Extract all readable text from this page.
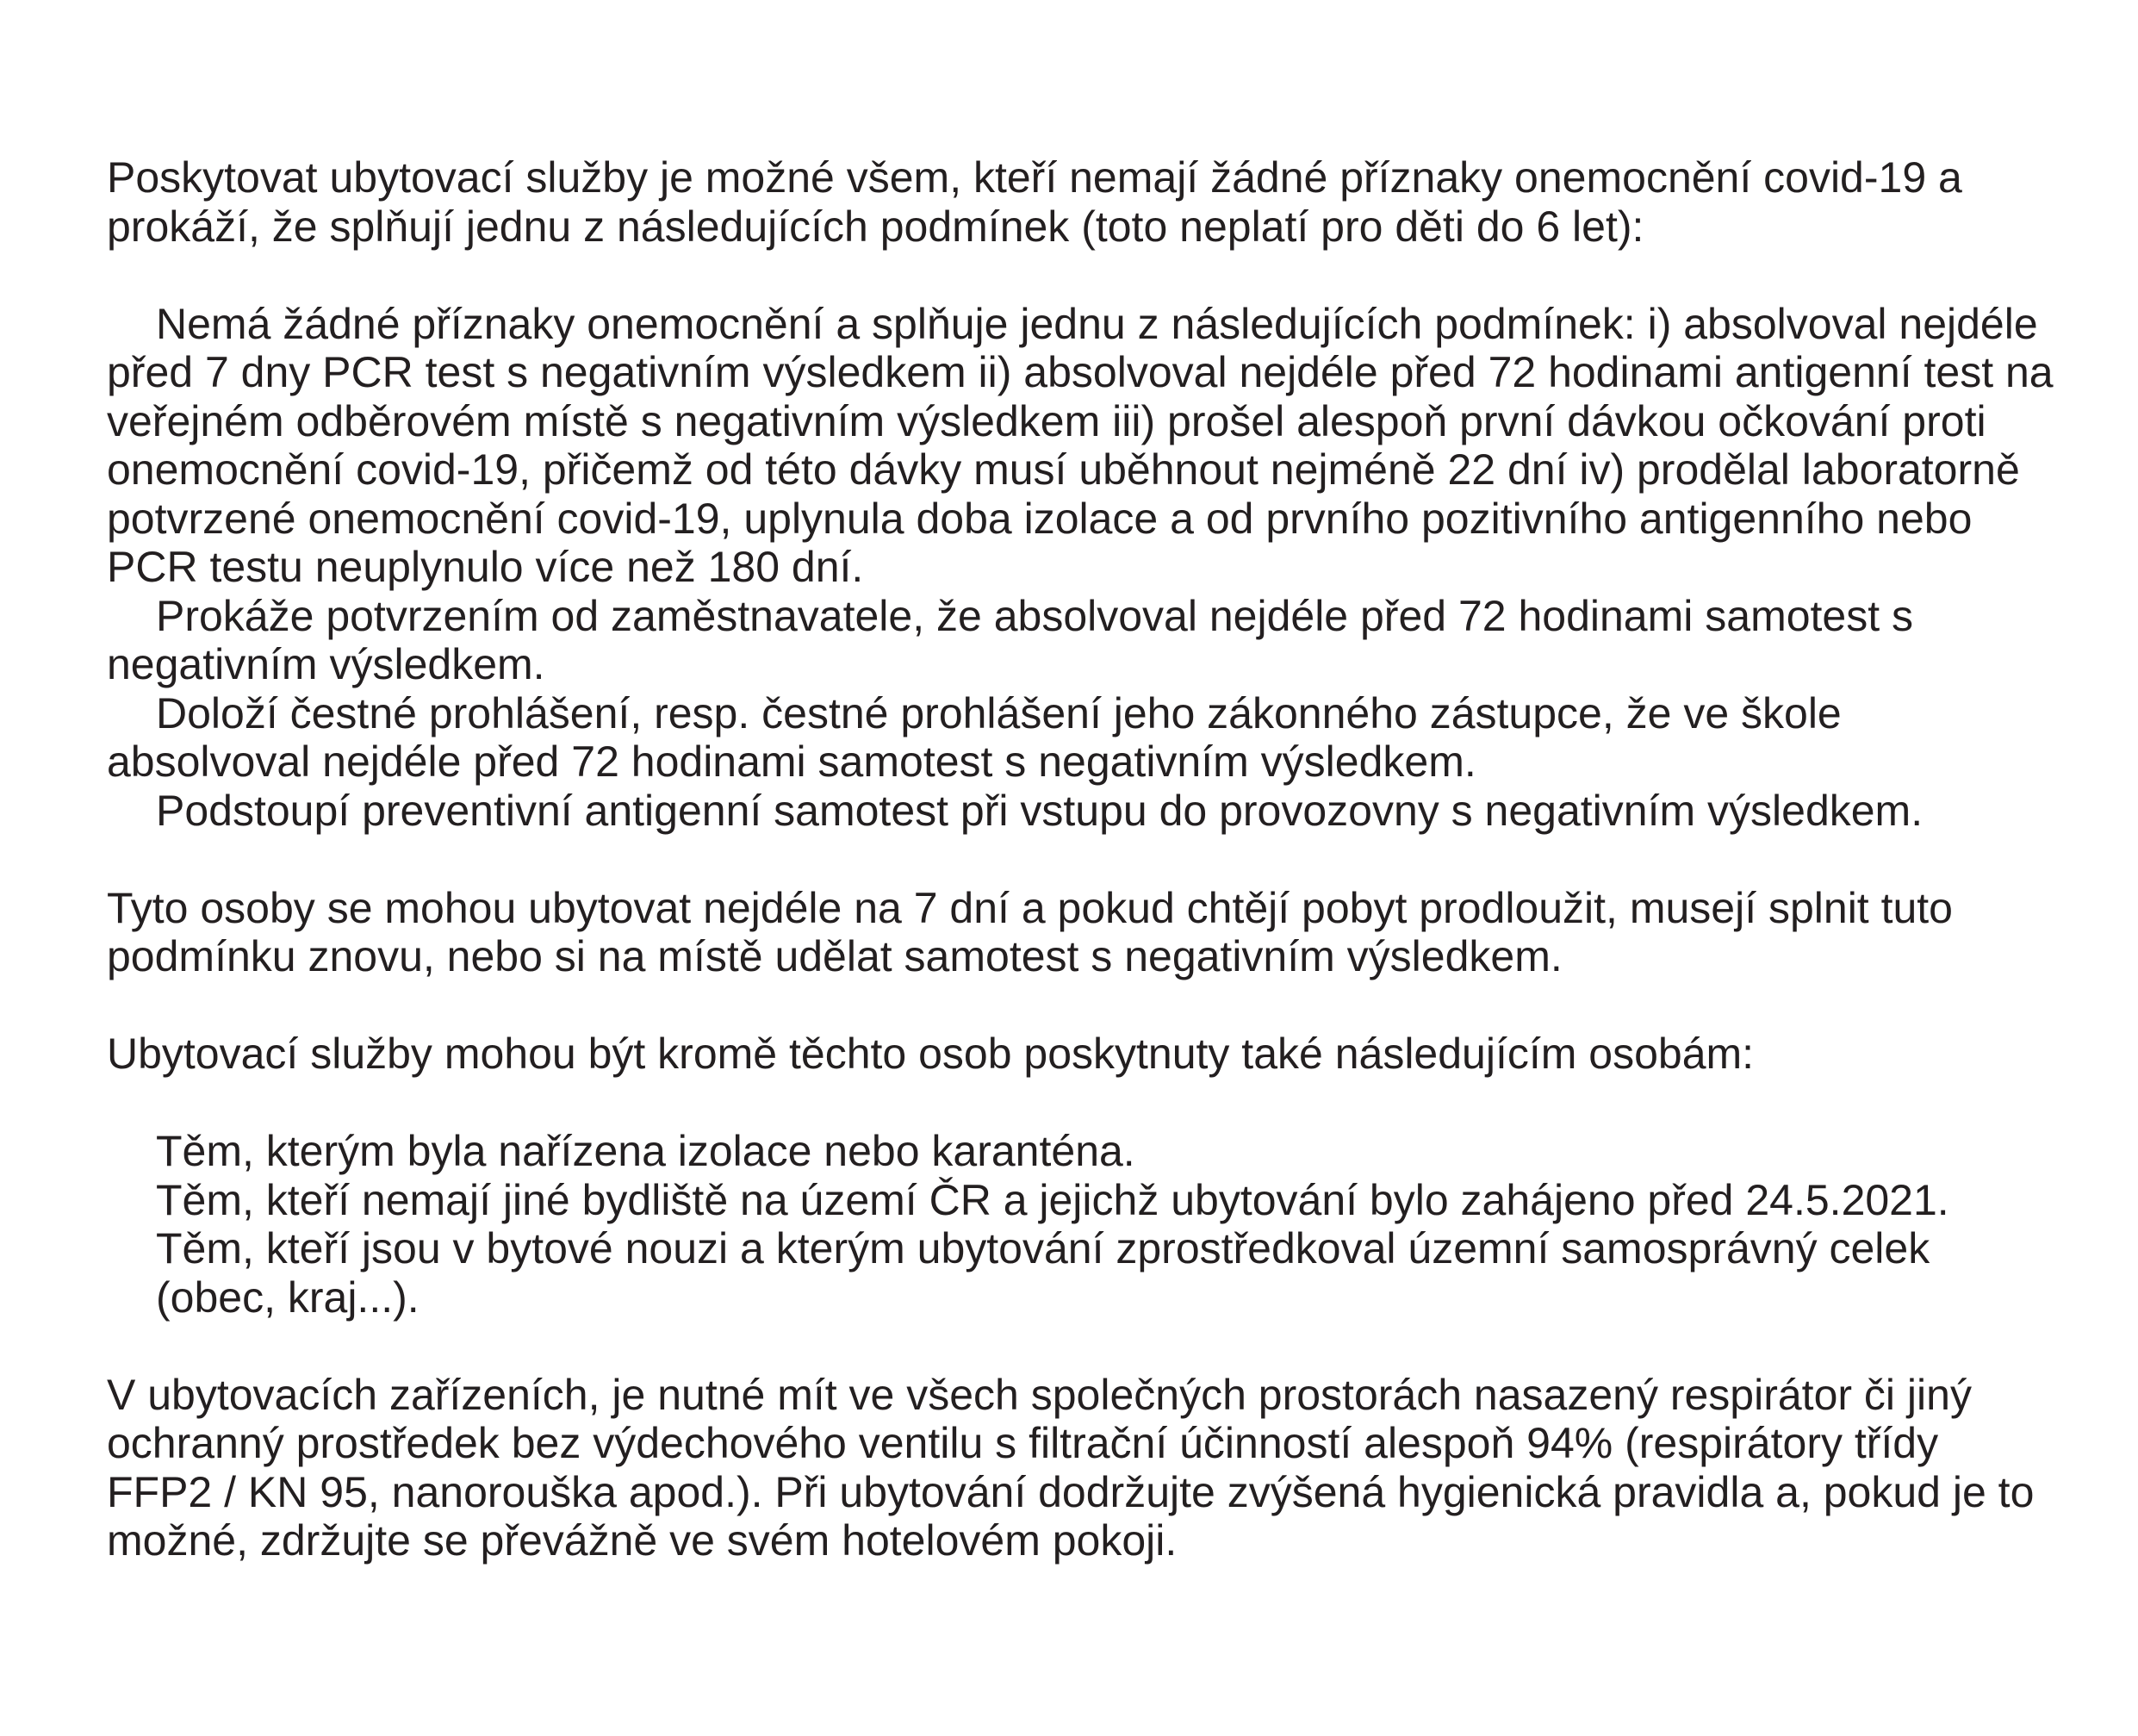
Poskytovat ubytovací služby je možné všem, kteří nemají žádné příznaky onemocnění covid-19 a prokáží, že splňují jednu z následujících podmínek (toto neplatí pro děti do 6 let):

Nemá žádné příznaky onemocnění a splňuje jednu z následujících podmínek: i) absolvoval nejdéle před 7 dny PCR test s negativním výsledkem ii) absolvoval nejdéle před 72 hodinami antigenní test na veřejném odběrovém místě s negativním výsledkem iii) prošel alespoň první dávkou očkování proti onemocnění covid-19, přičemž od této dávky musí uběhnout nejméně 22 dní iv) prodělal laboratorně potvrzené onemocnění covid-19, uplynula doba izolace a od prvního pozitivního antigenního nebo PCR testu neuplynulo více než 180 dní.

Prokáže potvrzením od zaměstnavatele, že absolvoval nejdéle před 72 hodinami samotest s negativním výsledkem.

Doloží čestné prohlášení, resp. čestné prohlášení jeho zákonného zástupce, že ve škole absolvoval nejdéle před 72 hodinami samotest s negativním výsledkem.

Podstoupí preventivní antigenní samotest při vstupu do provozovny s negativním výsledkem.

Tyto osoby se mohou ubytovat nejdéle na 7 dní a pokud chtějí pobyt prodloužit, musejí splnit tuto podmínku znovu, nebo si na místě udělat samotest s negativním výsledkem.

Ubytovací služby mohou být kromě těchto osob poskytnuty také následujícím osobám:

Těm, kterým byla nařízena izolace nebo karanténa.

Těm, kteří nemají jiné bydliště na území ČR a jejichž ubytování bylo zahájeno před 24.5.2021.

Těm, kteří jsou v bytové nouzi a kterým ubytování zprostředkoval územní samosprávný celek (obec, kraj...).

V ubytovacích zařízeních, je nutné mít ve všech společných prostorách nasazený respirátor či jiný ochranný prostředek bez výdechového ventilu s filtrační účinností alespoň 94% (respirátory třídy FFP2 / KN 95, nanorouška apod.). Při ubytování dodržujte zvýšená hygienická pravidla a, pokud je to možné, zdržujte se převážně ve svém hotelovém pokoji.
